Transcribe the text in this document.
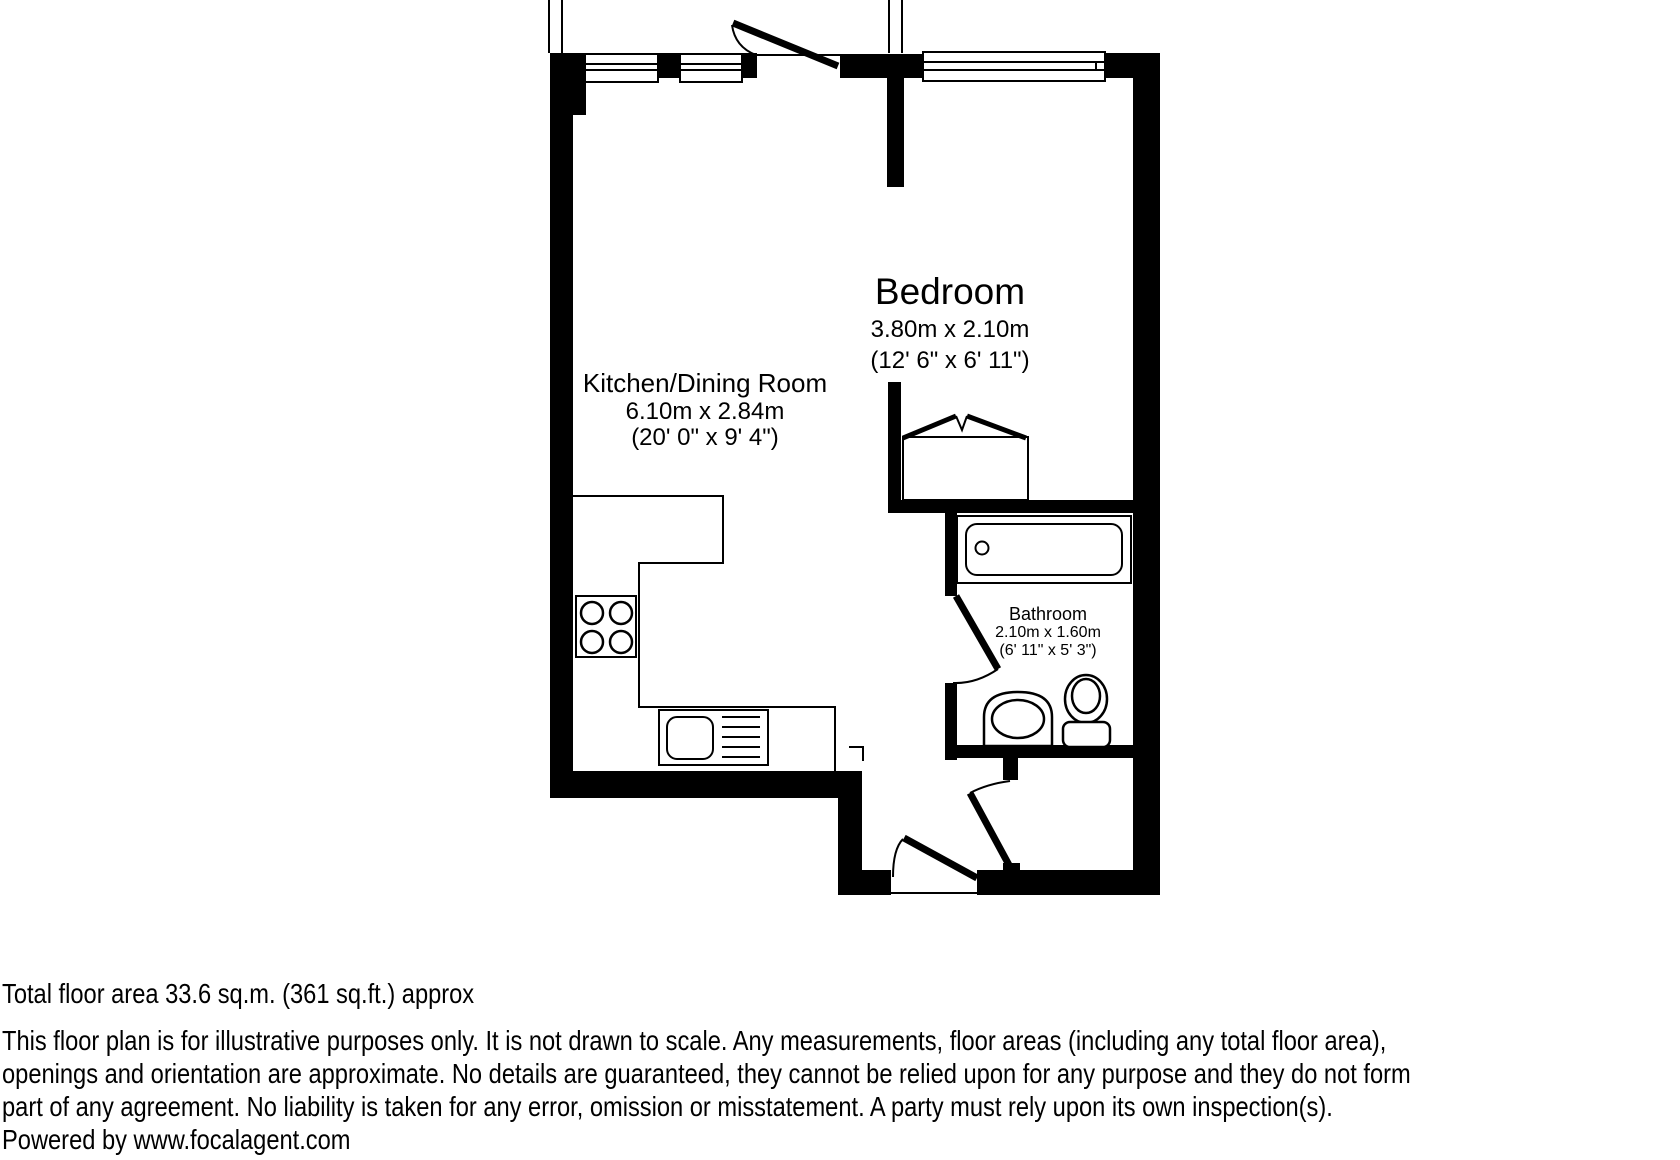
Bedroom
3.80m x 2.10m
(12' 6" x 6' 11")
Kitchen/Dining Room
6.10m x 2.84m
(20' 0" x 9' 4")
Bathroom
2.10m x 1.60m
(6' 11" x 5' 3")
Total floor area 33.6 sq.m. (361 sq.ft.) approx
This floor plan is for illustrative purposes only. It is not drawn to scale. Any measurements, floor areas (including any total floor area),
openings and orientation are approximate. No details are guaranteed, they cannot be relied upon for any purpose and they do not form
part of any agreement. No liability is taken for any error, omission or misstatement. A party must rely upon its own inspection(s).
Powered by www.focalagent.com
